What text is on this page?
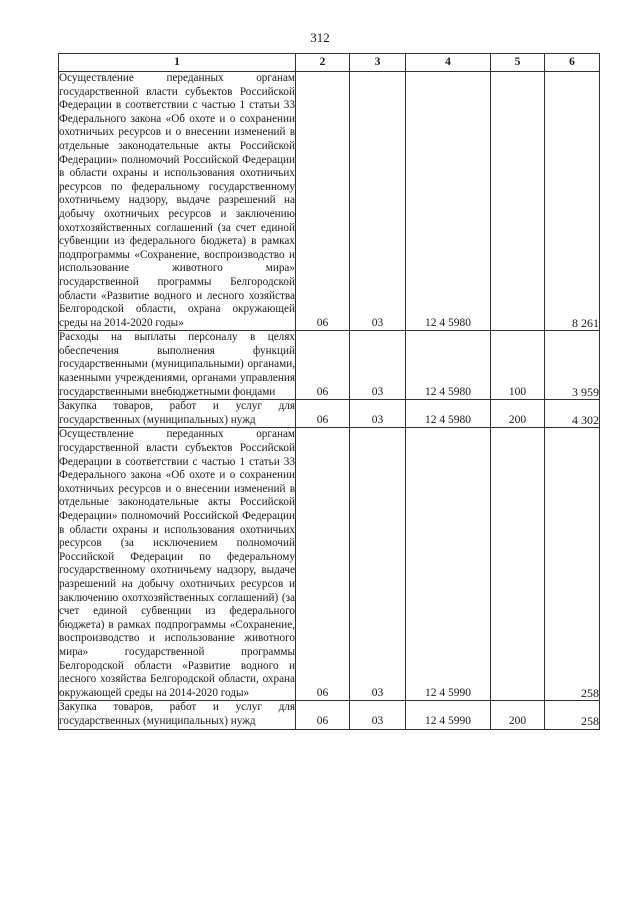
312
1	2	3	4	5	6
Осуществление переданных органам государственной власти субъектов Российской Федерации в соответствии с частью 1 статьи 33 Федерального закона «Об охоте и о сохранении охотничьих ресурсов и о внесении изменений в отдельные законодательные акты Российской Федерации» полномочий Российской Федерации в области охраны и использования охотничьих ресурсов по федеральному государственному охотничьему надзору, выдаче разрешений на добычу охотничьих ресурсов и заключению охотхозяйственных соглашений (за счет единой субвенции из федерального бюджета) в рамках подпрограммы «Сохранение, воспроизводство и использование животного мира» государственной программы Белгородской области «Развитие водного и лесного хозяйства Белгородской области, охрана окружающей среды на 2014-2020 годы»	06	03	12 4 5980		8 261
Расходы на выплаты персоналу в целях обеспечения выполнения функций государственными (муниципальными) органами, казенными учреждениями, органами управления государственными внебюджетными фондами	06	03	12 4 5980	100	3 959
Закупка товаров, работ и услуг для государственных (муниципальных) нужд	06	03	12 4 5980	200	4 302
Осуществление переданных органам государственной власти субъектов Российской Федерации в соответствии с частью 1 статьи 33 Федерального закона «Об охоте и о сохранении охотничьих ресурсов и о внесении изменений в отдельные законодательные акты Российской Федерации» полномочий Российской Федерации в области охраны и использования охотничьих ресурсов (за исключением полномочий Российской Федерации по федеральному государственному охотничьему надзору, выдаче разрешений на добычу охотничьих ресурсов и заключению охотхозяйственных соглашений) (за счет единой субвенции из федерального бюджета) в рамках подпрограммы «Сохранение, воспроизводство и использование животного мира» государственной программы Белгородской области «Развитие водного и лесного хозяйства Белгородской области, охрана окружающей среды на 2014-2020 годы»	06	03	12 4 5990		258
Закупка товаров, работ и услуг для государственных (муниципальных) нужд	06	03	12 4 5990	200	258
